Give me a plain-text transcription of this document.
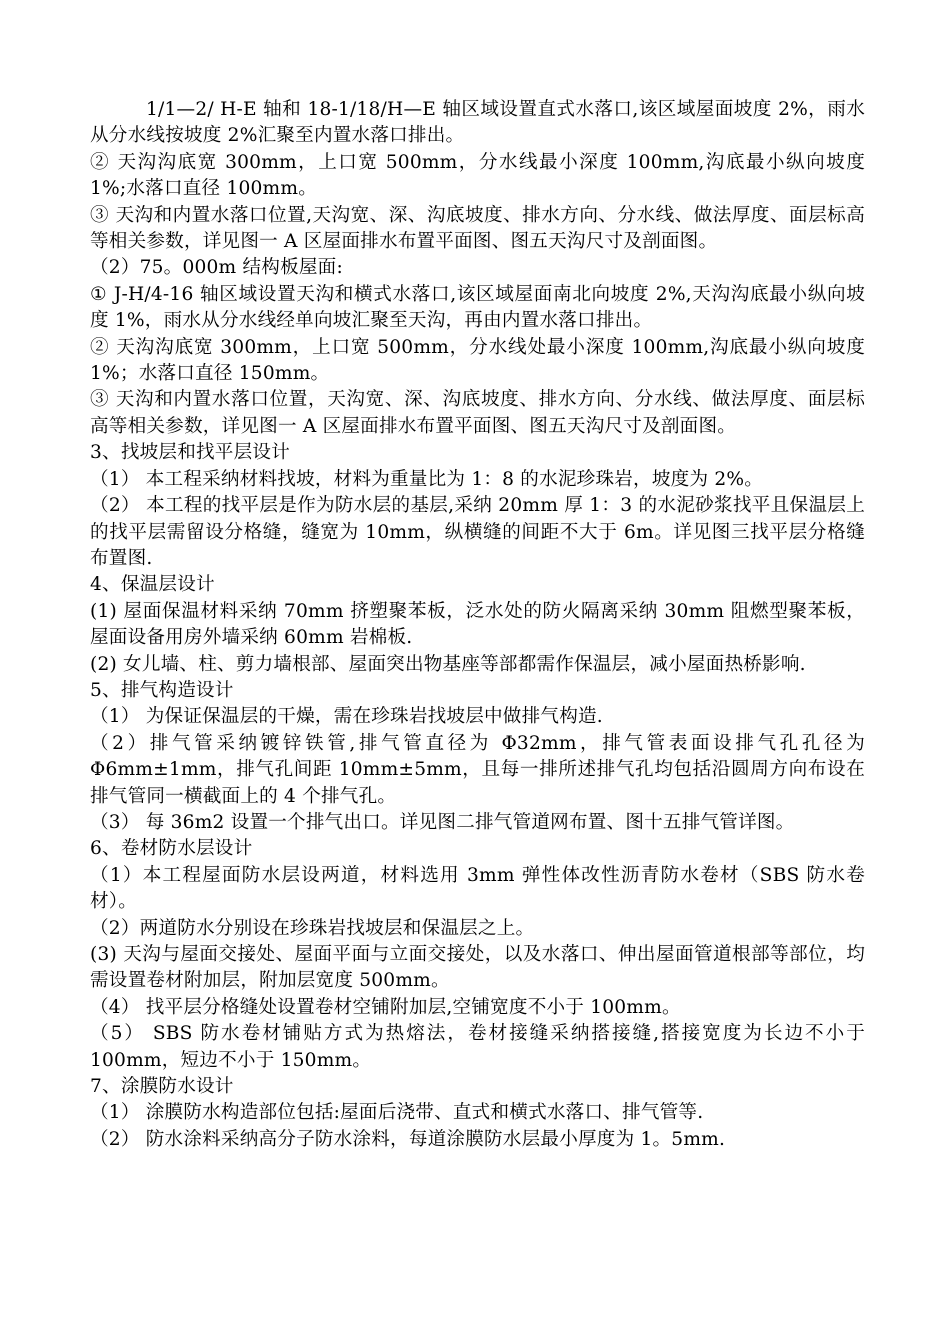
1/1—2/ H-E 轴和 18-1/18/H—E 轴区域设置直式水落口,该区域屋面坡度 2%，雨水从分水线按坡度 2%汇聚至内置水落口排出。

② 天沟沟底宽 300mm，上口宽 500mm，分水线最小深度 100mm,沟底最小纵向坡度 1%;水落口直径 100mm。

③ 天沟和内置水落口位置,天沟宽、深、沟底坡度、排水方向、分水线、做法厚度、面层标高等相关参数，详见图一 A 区屋面排水布置平面图、图五天沟尺寸及剖面图。

（2）75。000m 结构板屋面:

① J-H/4-16 轴区域设置天沟和横式水落口,该区域屋面南北向坡度 2%,天沟沟底最小纵向坡度 1%，雨水从分水线经单向坡汇聚至天沟，再由内置水落口排出。

② 天沟沟底宽 300mm，上口宽 500mm，分水线处最小深度 100mm,沟底最小纵向坡度 1%；水落口直径 150mm。

③ 天沟和内置水落口位置，天沟宽、深、沟底坡度、排水方向、分水线、做法厚度、面层标高等相关参数，详见图一 A 区屋面排水布置平面图、图五天沟尺寸及剖面图。

3、找坡层和找平层设计

（1） 本工程采纳材料找坡，材料为重量比为 1：8 的水泥珍珠岩，坡度为 2%。

（2） 本工程的找平层是作为防水层的基层,采纳 20mm 厚 1：3 的水泥砂浆找平且保温层上的找平层需留设分格缝，缝宽为 10mm，纵横缝的间距不大于 6m。详见图三找平层分格缝布置图.

4、保温层设计

(1) 屋面保温材料采纳 70mm 挤塑聚苯板，泛水处的防火隔离采纳 30mm 阻燃型聚苯板，屋面设备用房外墙采纳 60mm 岩棉板.

(2) 女儿墙、柱、剪力墙根部、屋面突出物基座等部都需作保温层，减小屋面热桥影响.

5、排气构造设计

（1） 为保证保温层的干燥，需在珍珠岩找坡层中做排气构造.

（2）排气管采纳镀锌铁管,排气管直径为 Φ32mm，排气管表面设排气孔孔径为Φ6mm±1mm，排气孔间距 10mm±5mm，且每一排所述排气孔均包括沿圆周方向布设在排气管同一横截面上的 4 个排气孔。

（3） 每 36m2 设置一个排气出口。详见图二排气管道网布置、图十五排气管详图。

6、卷材防水层设计

（1）本工程屋面防水层设两道，材料选用 3mm 弹性体改性沥青防水卷材（SBS 防水卷材）。

（2）两道防水分别设在珍珠岩找坡层和保温层之上。

(3) 天沟与屋面交接处、屋面平面与立面交接处，以及水落口、伸出屋面管道根部等部位，均需设置卷材附加层，附加层宽度 500mm。

（4） 找平层分格缝处设置卷材空铺附加层,空铺宽度不小于 100mm。

（5） SBS 防水卷材铺贴方式为热熔法，卷材接缝采纳搭接缝,搭接宽度为长边不小于 100mm，短边不小于 150mm。

7、涂膜防水设计

（1） 涂膜防水构造部位包括:屋面后浇带、直式和横式水落口、排气管等.

（2） 防水涂料采纳高分子防水涂料，每道涂膜防水层最小厚度为 1。5mm.
